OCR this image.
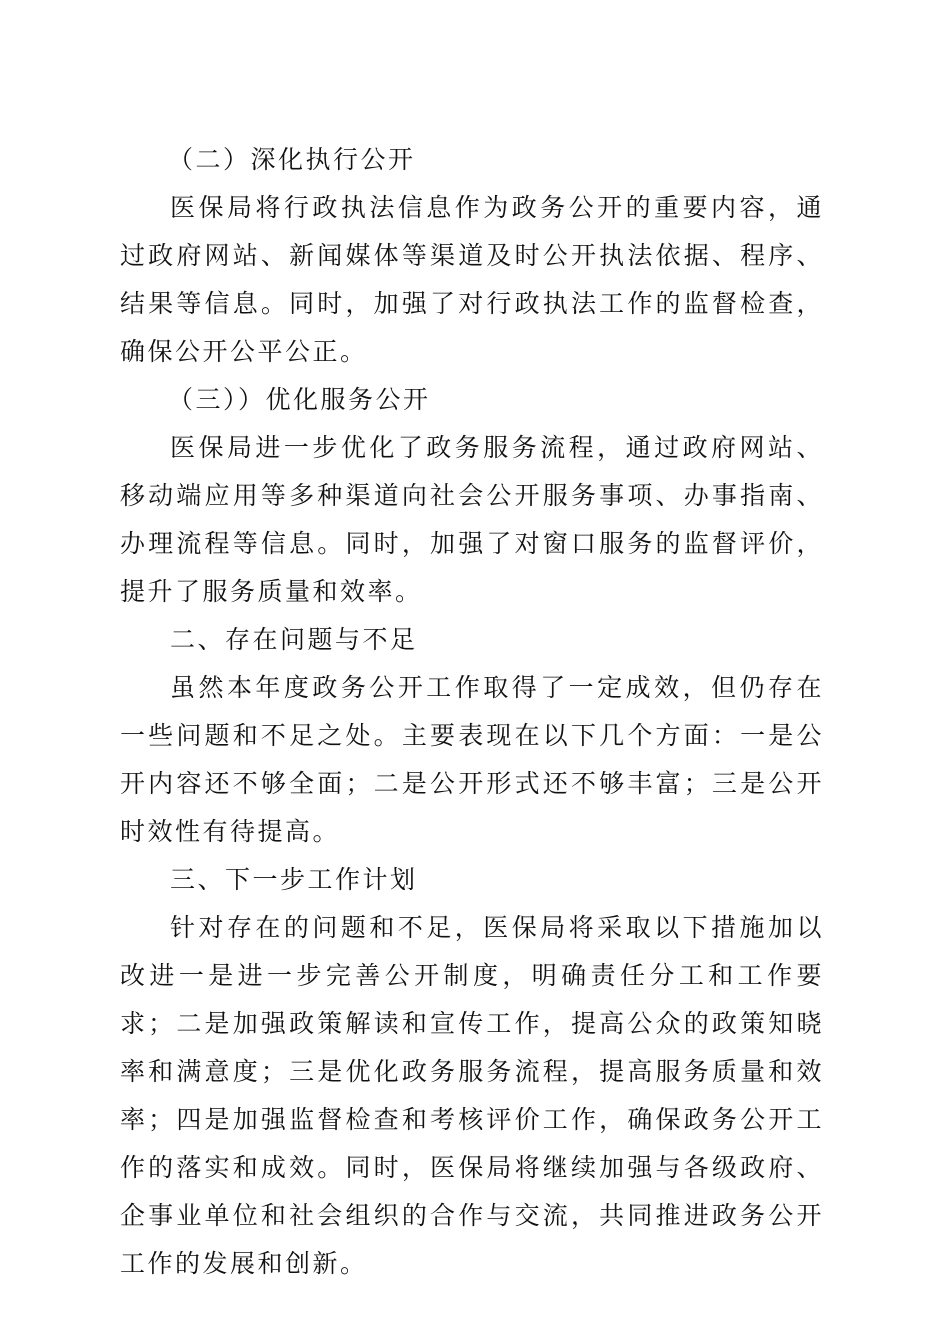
（二）深化执行公开

医保局将行政执法信息作为政务公开的重要内容，通过政府网站、新闻媒体等渠道及时公开执法依据、程序、结果等信息。同时，加强了对行政执法工作的监督检查，确保公开公平公正。

（三））优化服务公开

医保局进一步优化了政务服务流程，通过政府网站、移动端应用等多种渠道向社会公开服务事项、办事指南、办理流程等信息。同时，加强了对窗口服务的监督评价，提升了服务质量和效率。

二、存在问题与不足

虽然本年度政务公开工作取得了一定成效，但仍存在一些问题和不足之处。主要表现在以下几个方面：一是公开内容还不够全面；二是公开形式还不够丰富；三是公开时效性有待提高。

三、下一步工作计划

针对存在的问题和不足，医保局将采取以下措施加以改进一是进一步完善公开制度，明确责任分工和工作要求；二是加强政策解读和宣传工作，提高公众的政策知晓率和满意度；三是优化政务服务流程，提高服务质量和效率；四是加强监督检查和考核评价工作，确保政务公开工作的落实和成效。同时，医保局将继续加强与各级政府、企事业单位和社会组织的合作与交流，共同推进政务公开工作的发展和创新。
